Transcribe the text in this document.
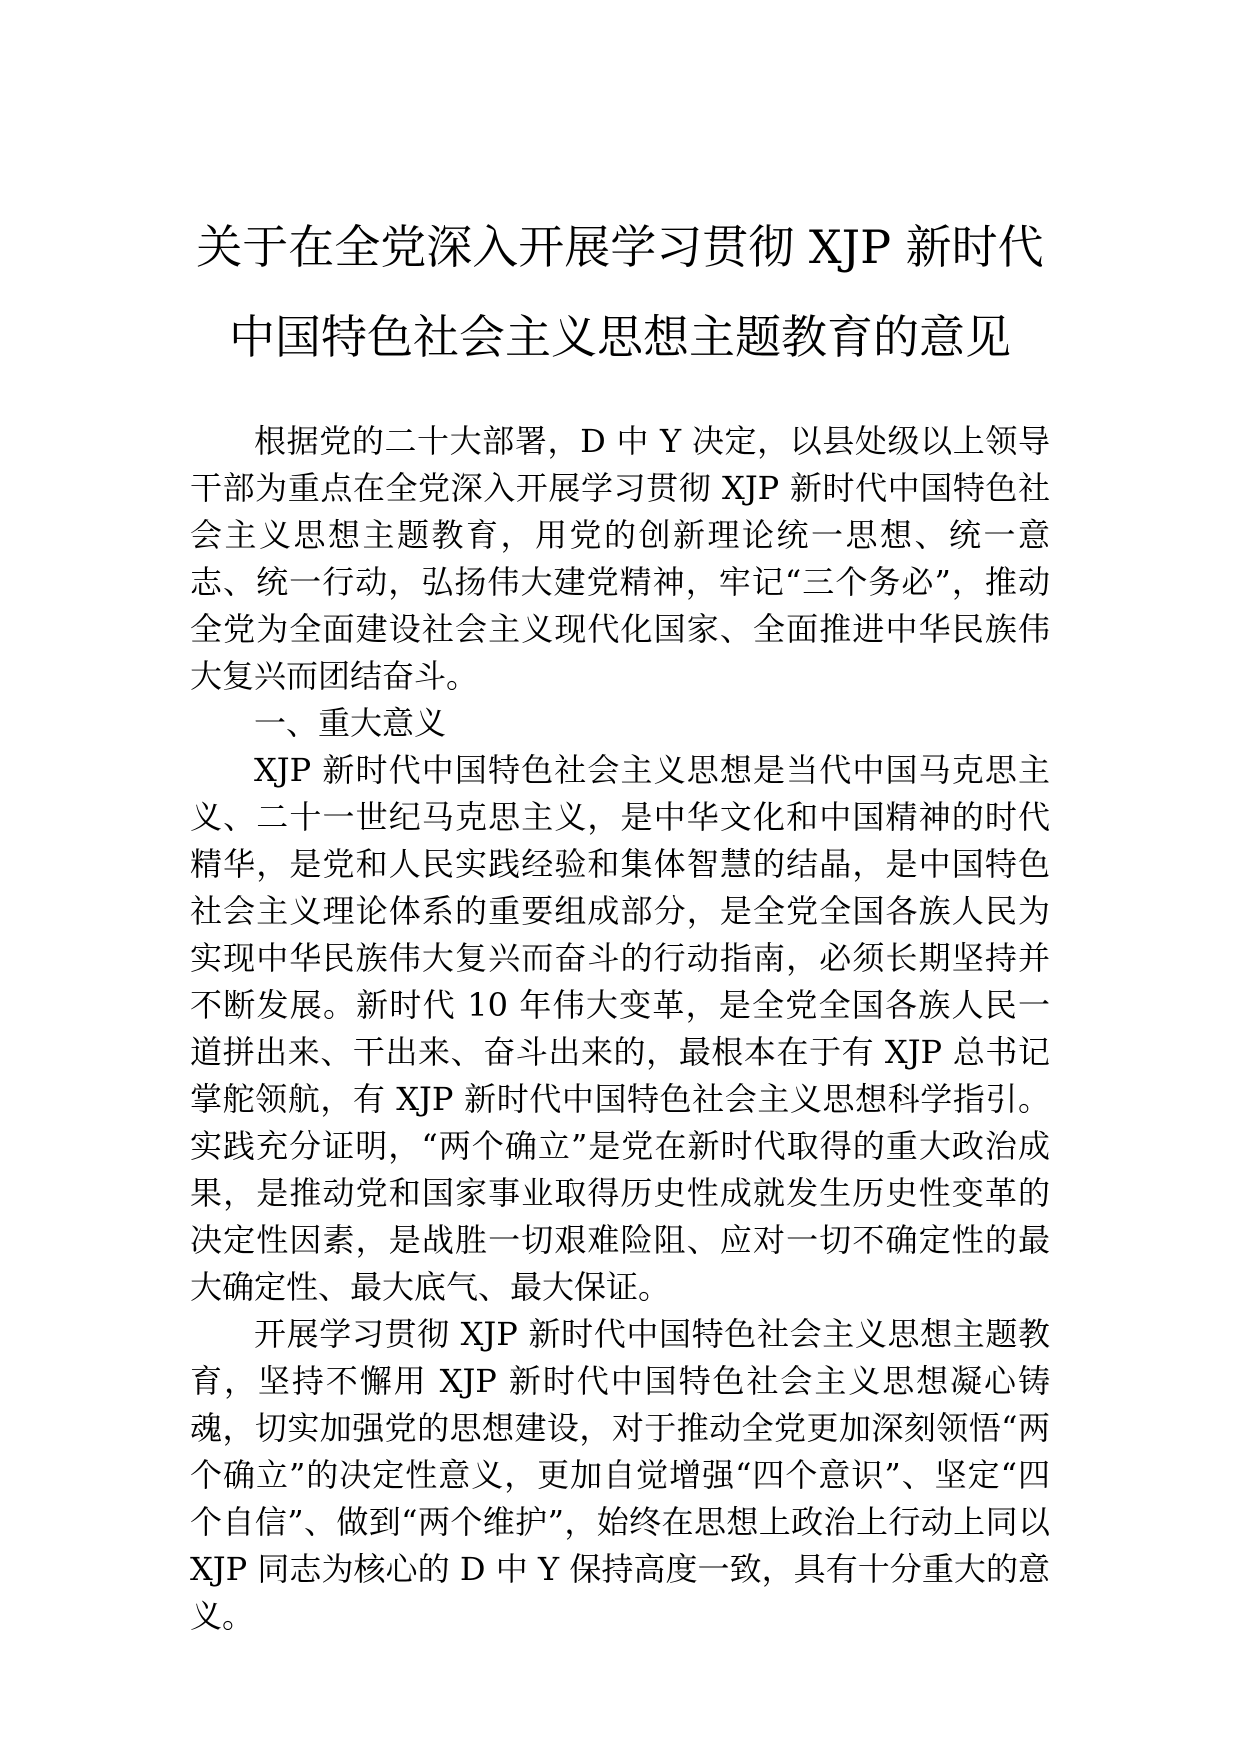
关于在全党深入开展学习贯彻 XJP 新时代
中国特色社会主义思想主题教育的意见

根据党的二十大部署，D 中 Y 决定，以县处级以上领导干部为重点在全党深入开展学习贯彻 XJP 新时代中国特色社会主义思想主题教育，用党的创新理论统一思想、统一意志、统一行动，弘扬伟大建党精神，牢记“三个务必”，推动全党为全面建设社会主义现代化国家、全面推进中华民族伟大复兴而团结奋斗。

一、重大意义

XJP 新时代中国特色社会主义思想是当代中国马克思主义、二十一世纪马克思主义，是中华文化和中国精神的时代精华，是党和人民实践经验和集体智慧的结晶，是中国特色社会主义理论体系的重要组成部分，是全党全国各族人民为实现中华民族伟大复兴而奋斗的行动指南，必须长期坚持并不断发展。新时代 10 年伟大变革，是全党全国各族人民一道拼出来、干出来、奋斗出来的，最根本在于有 XJP 总书记掌舵领航，有 XJP 新时代中国特色社会主义思想科学指引。实践充分证明，“两个确立”是党在新时代取得的重大政治成果，是推动党和国家事业取得历史性成就发生历史性变革的决定性因素，是战胜一切艰难险阻、应对一切不确定性的最大确定性、最大底气、最大保证。

开展学习贯彻 XJP 新时代中国特色社会主义思想主题教育，坚持不懈用 XJP 新时代中国特色社会主义思想凝心铸魂，切实加强党的思想建设，对于推动全党更加深刻领悟“两个确立”的决定性意义，更加自觉增强“四个意识”、坚定“四个自信”、做到“两个维护”，始终在思想上政治上行动上同以 XJP 同志为核心的 D 中 Y 保持高度一致，具有十分重大的意义。
